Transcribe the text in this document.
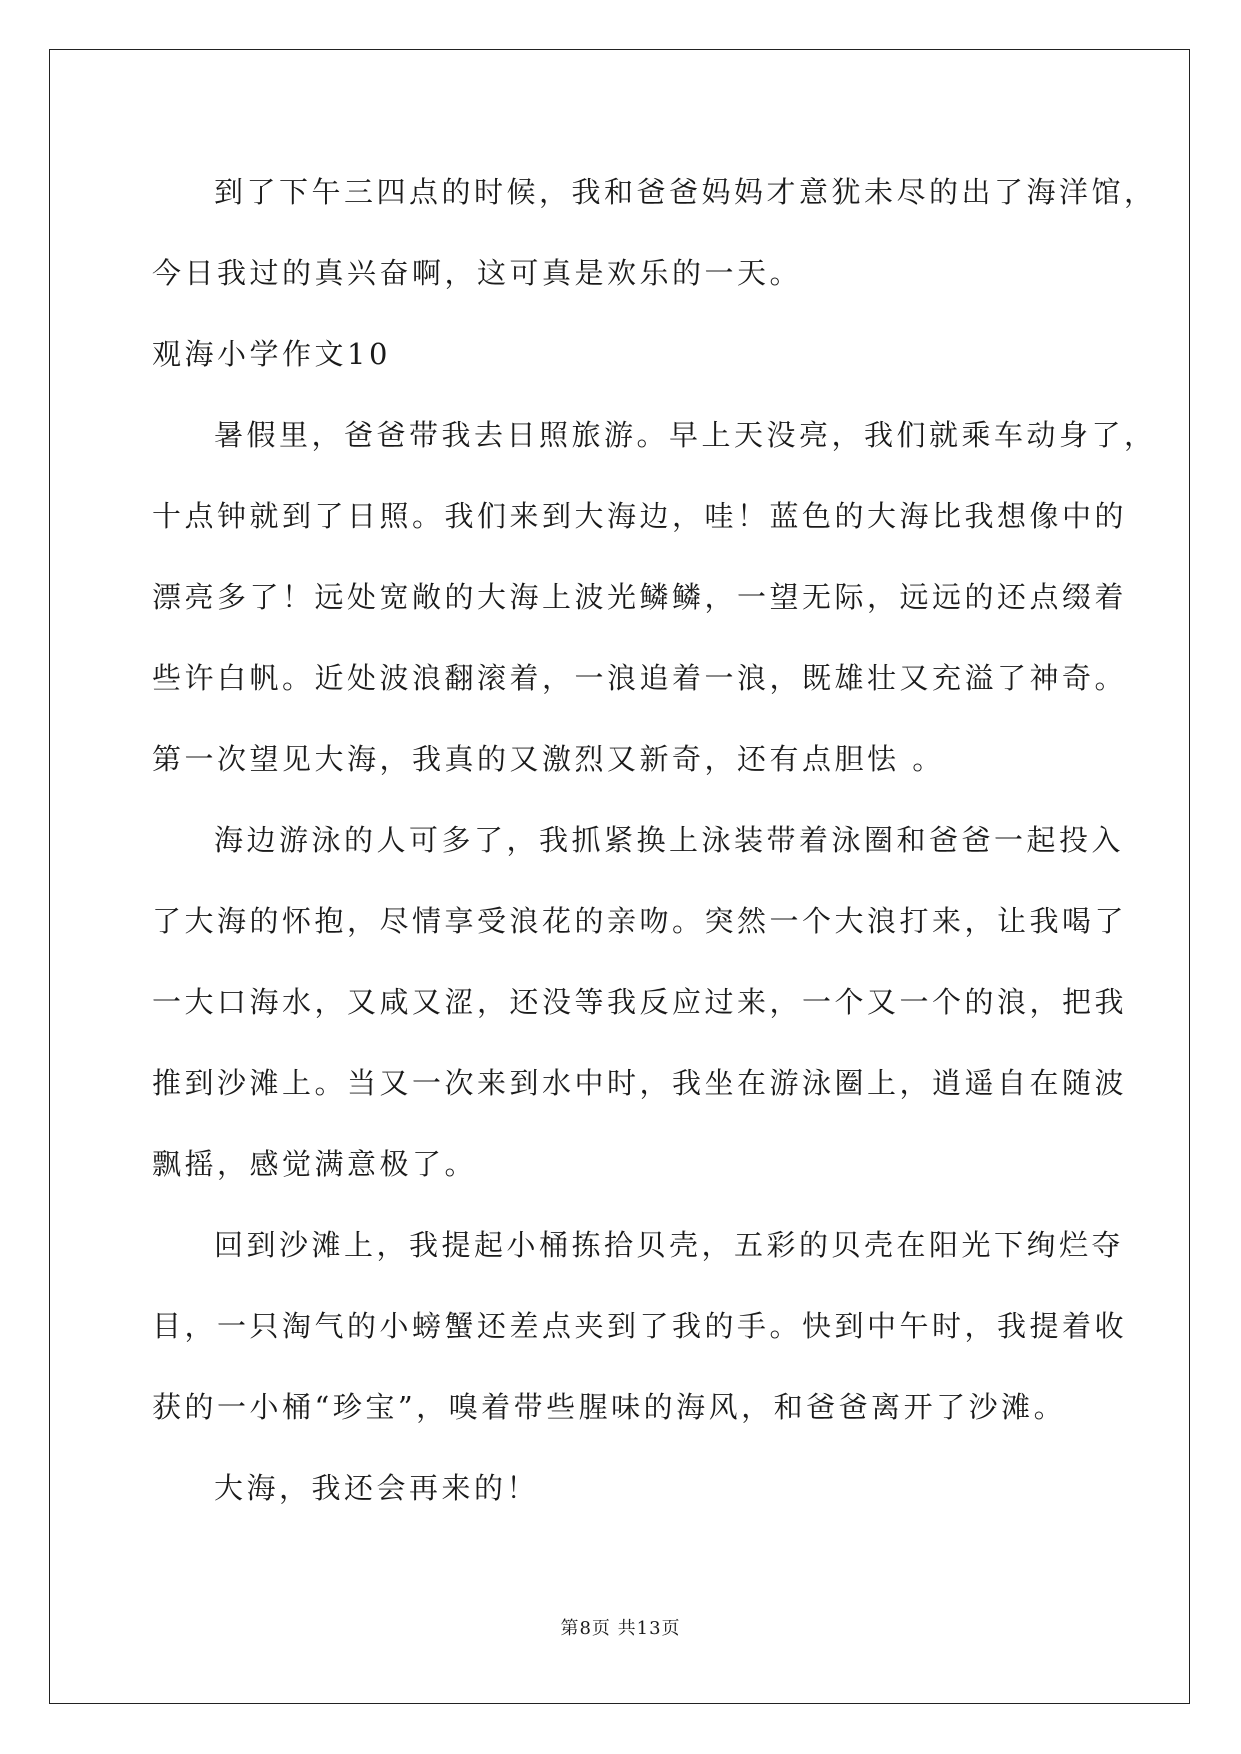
到了下午三四点的时候，我和爸爸妈妈才意犹未尽的出了海洋馆，
今日我过的真兴奋啊，这可真是欢乐的一天。
观海小学作文10
暑假里，爸爸带我去日照旅游。早上天没亮，我们就乘车动身了，
十点钟就到了日照。我们来到大海边，哇！蓝色的大海比我想像中的
漂亮多了！远处宽敞的大海上波光鳞鳞，一望无际，远远的还点缀着
些许白帆。近处波浪翻滚着，一浪追着一浪，既雄壮又充溢了神奇。
第一次望见大海，我真的又激烈又新奇，还有点胆怯 。
海边游泳的人可多了，我抓紧换上泳装带着泳圈和爸爸一起投入
了大海的怀抱，尽情享受浪花的亲吻。突然一个大浪打来，让我喝了
一大口海水，又咸又涩，还没等我反应过来，一个又一个的浪，把我
推到沙滩上。当又一次来到水中时，我坐在游泳圈上，逍遥自在随波
飘摇，感觉满意极了。
回到沙滩上，我提起小桶拣拾贝壳，五彩的贝壳在阳光下绚烂夺
目，一只淘气的小螃蟹还差点夹到了我的手。快到中午时，我提着收
获的一小桶“珍宝”，嗅着带些腥味的海风，和爸爸离开了沙滩。
大海，我还会再来的！
第8页 共13页
